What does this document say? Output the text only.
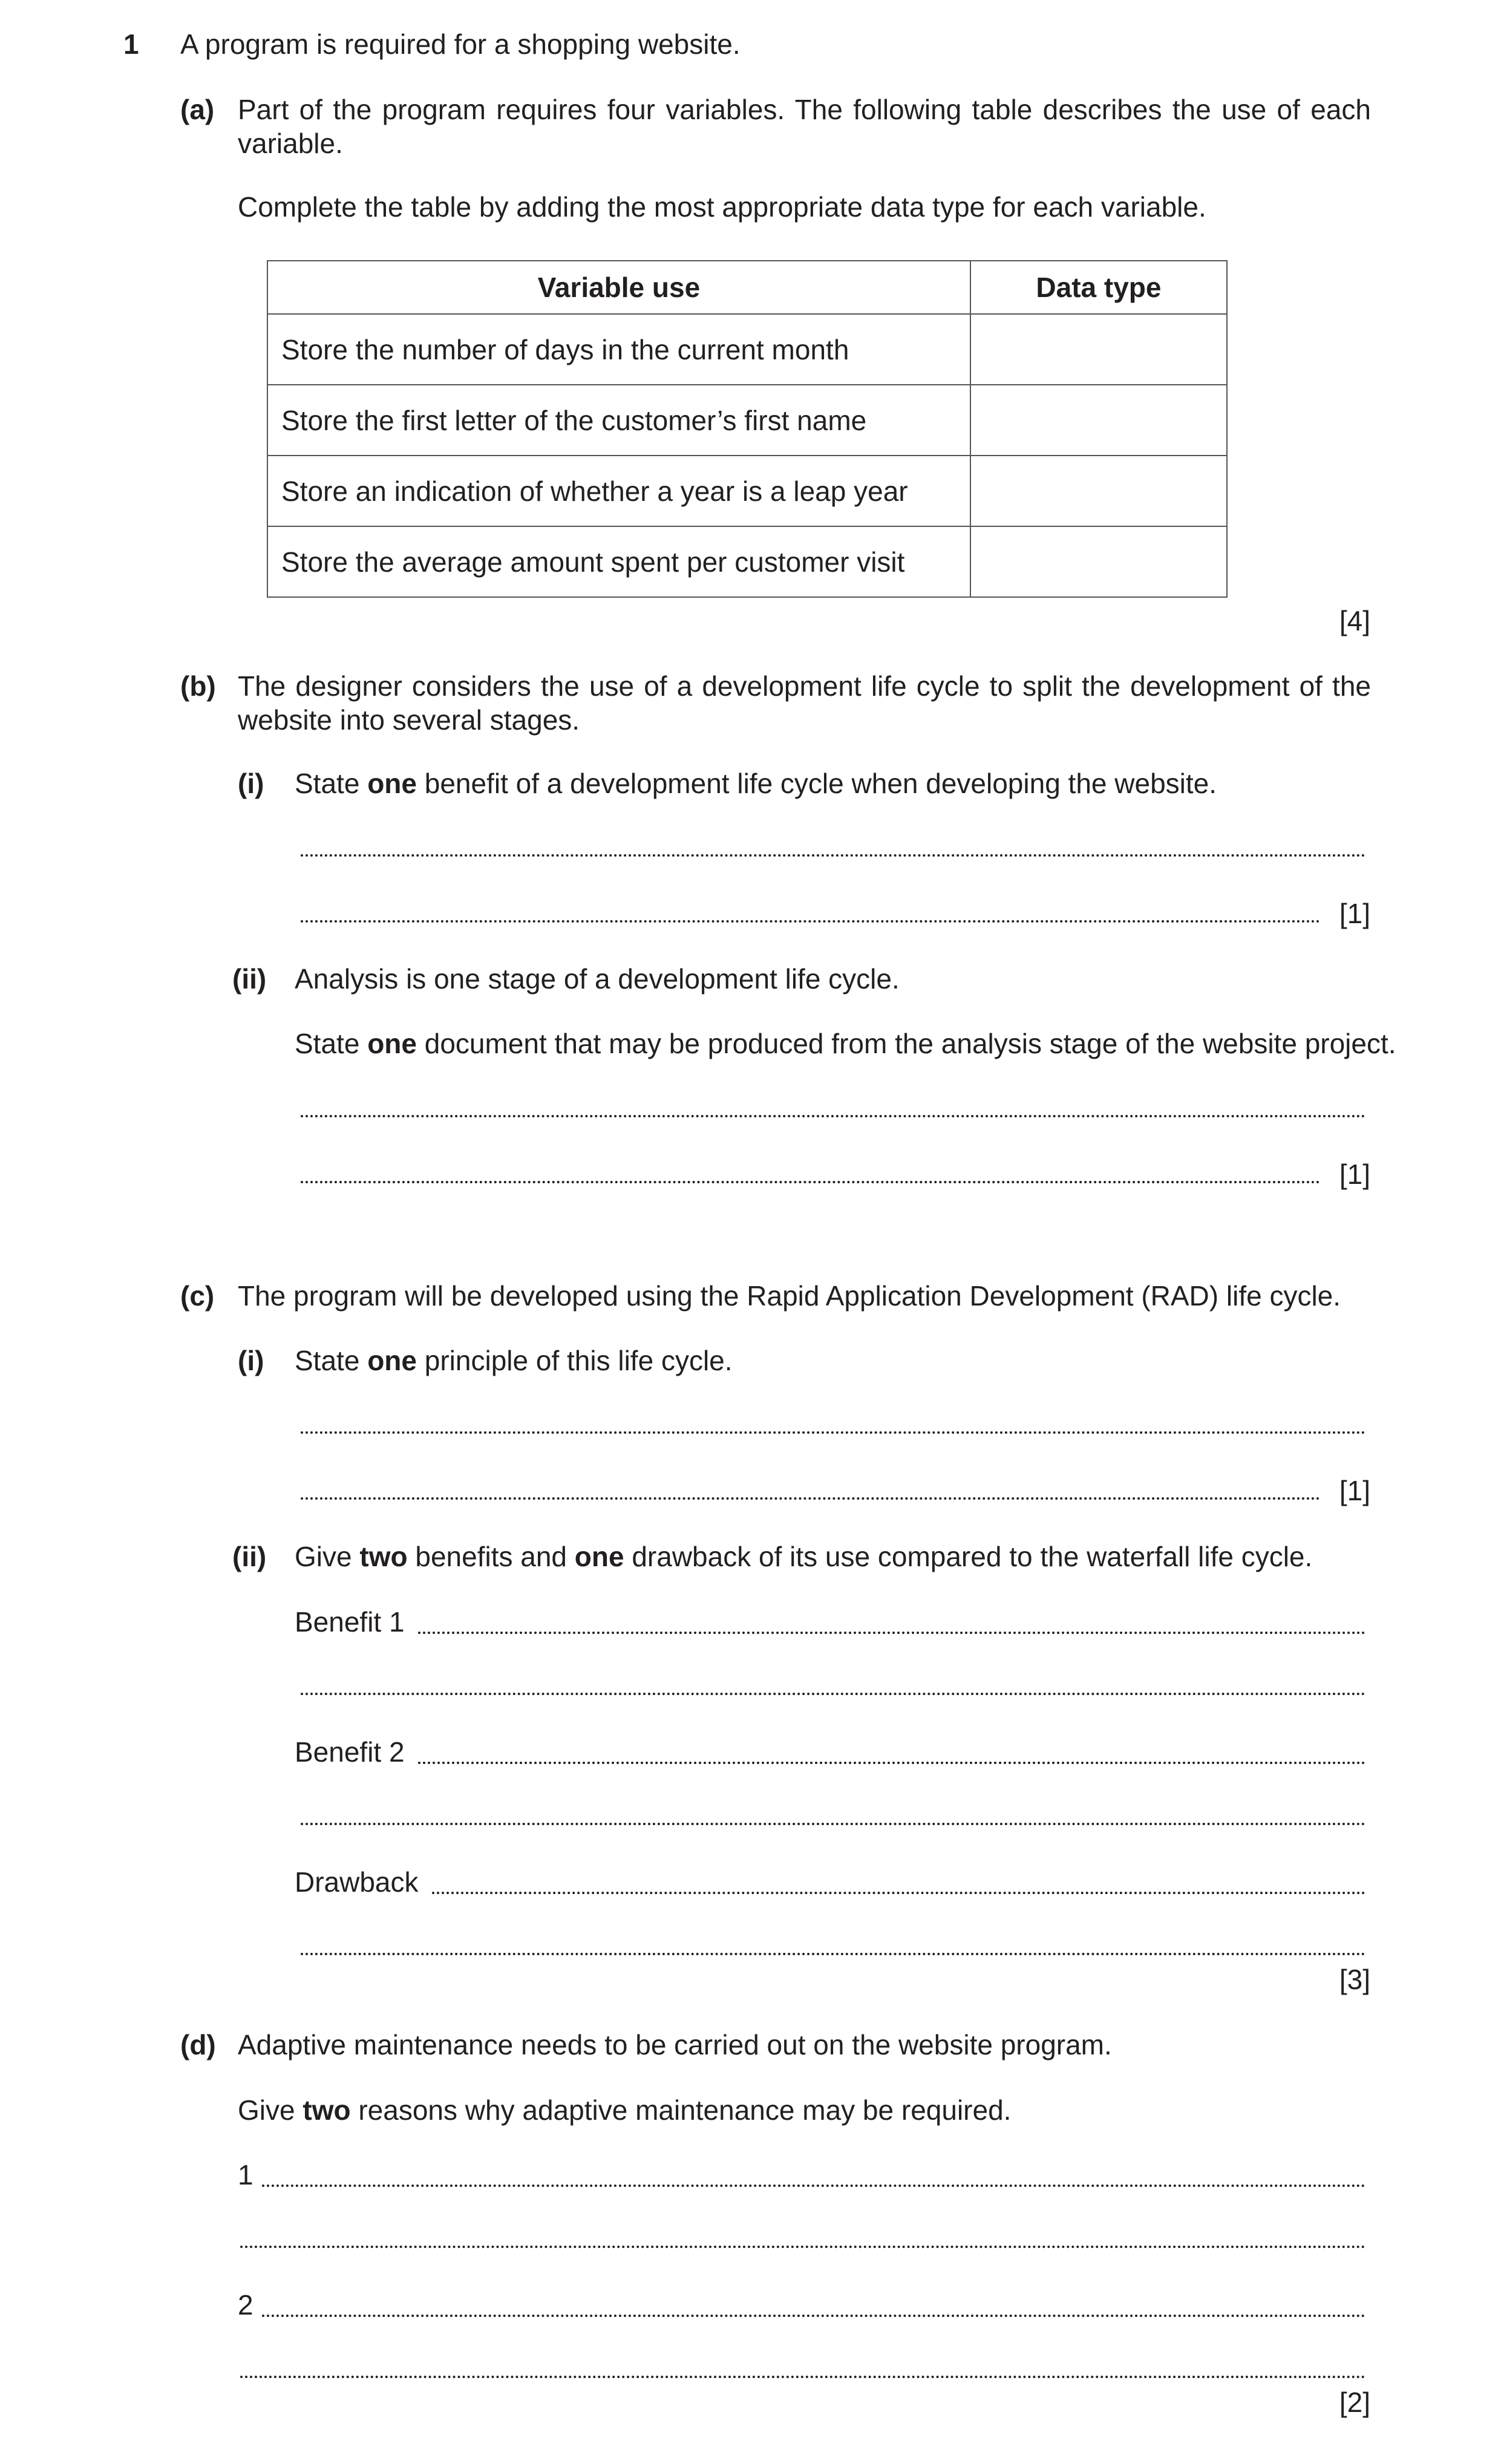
1 A program is required for a shopping website.
(a) Part of the program requires four variables. The following table describes the use of each variable.
Complete the table by adding the most appropriate data type for each variable.
Variable use	Data type
Store the number of days in the current month	
Store the first letter of the customer’s first name	
Store an indication of whether a year is a leap year	
Store the average amount spent per customer visit	
[4]
(b) The designer considers the use of a development life cycle to split the development of the website into several stages.
(i) State one benefit of a development life cycle when developing the website.
[1]
(ii) Analysis is one stage of a development life cycle.
State one document that may be produced from the analysis stage of the website project.
[1]
(c) The program will be developed using the Rapid Application Development (RAD) life cycle.
(i) State one principle of this life cycle.
[1]
(ii) Give two benefits and one drawback of its use compared to the waterfall life cycle.
Benefit 1
Benefit 2
Drawback
[3]
(d) Adaptive maintenance needs to be carried out on the website program.
Give two reasons why adaptive maintenance may be required.
1
2
[2]
